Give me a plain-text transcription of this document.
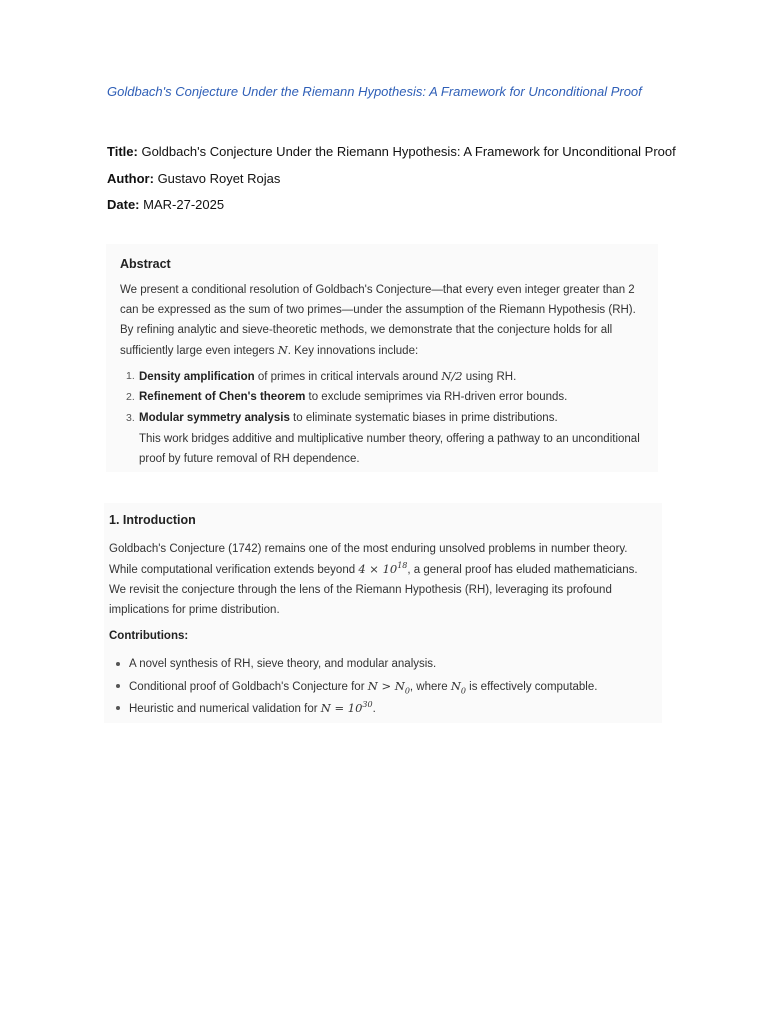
Goldbach's Conjecture Under the Riemann Hypothesis: A Framework for Unconditional Proof
Title: Goldbach's Conjecture Under the Riemann Hypothesis: A Framework for Unconditional Proof
Author: Gustavo Royet Rojas
Date: MAR-27-2025
Abstract

We present a conditional resolution of Goldbach's Conjecture—that every even integer greater than 2 can be expressed as the sum of two primes—under the assumption of the Riemann Hypothesis (RH). By refining analytic and sieve-theoretic methods, we demonstrate that the conjecture holds for all sufficiently large even integers N. Key innovations include:

1. Density amplification of primes in critical intervals around N/2 using RH.
2. Refinement of Chen's theorem to exclude semiprimes via RH-driven error bounds.
3. Modular symmetry analysis to eliminate systematic biases in prime distributions.

This work bridges additive and multiplicative number theory, offering a pathway to an unconditional proof by future removal of RH dependence.

1. Introduction

Goldbach's Conjecture (1742) remains one of the most enduring unsolved problems in number theory. While computational verification extends beyond $4 \times 10^{18}$, a general proof has eluded mathematicians. We revisit the conjecture through the lens of the Riemann Hypothesis (RH), leveraging its profound implications for prime distribution.

Contributions:
A novel synthesis of RH, sieve theory, and modular analysis.
Conditional proof of Goldbach's Conjecture for $N > N_0$, where $N_0$ is effectively computable.
Heuristic and numerical validation for $N = 10^{30}$.
